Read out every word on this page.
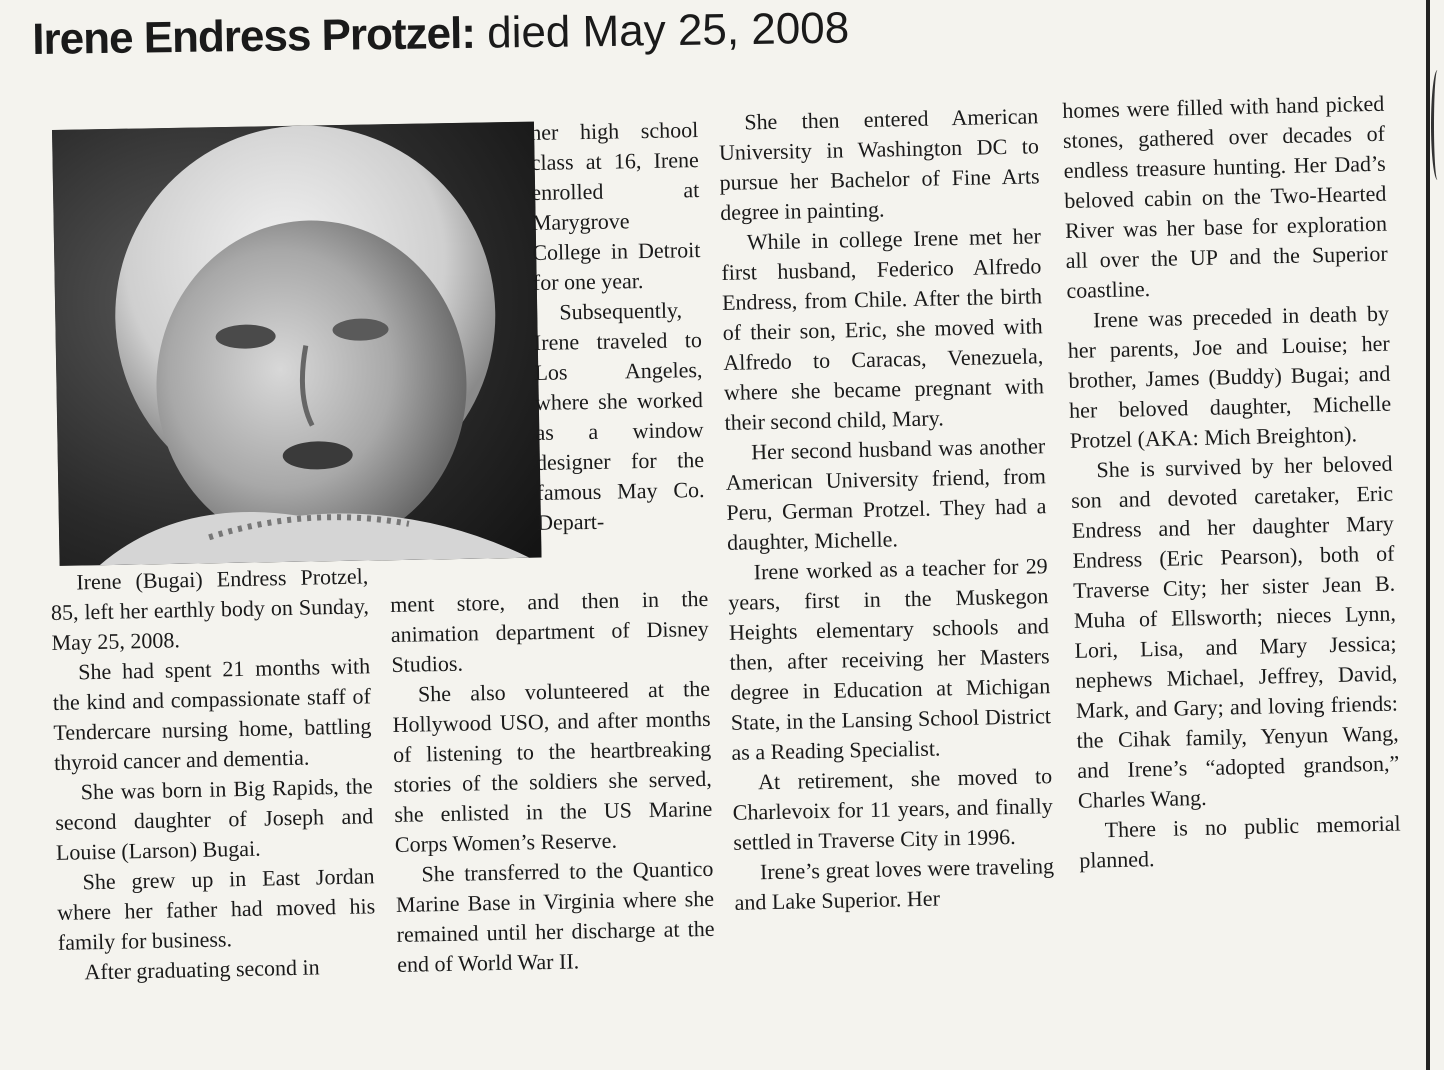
Irene Endress Protzel: died May 25, 2008

Irene (Bugai) Endress Protzel, 85, left her earthly body on Sunday, May 25, 2008.

She had spent 21 months with the kind and compassionate staff of Tendercare nursing home, battling thyroid cancer and dementia.

She was born in Big Rapids, the second daughter of Joseph and Louise (Larson) Bugai.

She grew up in East Jordan where her father had moved his family for business.

After graduating second in

her high school class at 16, Irene enrolled at Marygrove College in Detroit for one year.

Subsequently, Irene traveled to Los Angeles, where she worked as a window designer for the famous May Co. Depart-

ment store, and then in the animation department of Disney Studios.

She also volunteered at the Hollywood USO, and after months of listening to the heartbreaking stories of the soldiers she served, she enlisted in the US Marine Corps Women’s Reserve.

She transferred to the Quantico Marine Base in Virginia where she remained until her discharge at the end of World War II.

She then entered American University in Washington DC to pursue her Bachelor of Fine Arts degree in painting.

While in college Irene met her first husband, Federico Alfredo Endress, from Chile. After the birth of their son, Eric, she moved with Alfredo to Caracas, Venezuela, where she became pregnant with their second child, Mary.

Her second husband was another American University friend, from Peru, German Protzel. They had a daughter, Michelle.

Irene worked as a teacher for 29 years, first in the Muskegon Heights elementary schools and then, after receiving her Masters degree in Education at Michigan State, in the Lansing School District as a Reading Specialist.

At retirement, she moved to Charlevoix for 11 years, and finally settled in Traverse City in 1996.

Irene’s great loves were traveling and Lake Superior. Her

homes were filled with hand picked stones, gathered over decades of endless treasure hunting. Her Dad’s beloved cabin on the Two-Hearted River was her base for exploration all over the UP and the Superior coastline.

Irene was preceded in death by her parents, Joe and Louise; her brother, James (Buddy) Bugai; and her beloved daughter, Michelle Protzel (AKA: Mich Breighton).

She is survived by her beloved son and devoted caretaker, Eric Endress and her daughter Mary Endress (Eric Pearson), both of Traverse City; her sister Jean B. Muha of Ellsworth; nieces Lynn, Lori, Lisa, and Mary Jessica; nephews Michael, Jeffrey, David, Mark, and Gary; and loving friends: the Cihak family, Yenyun Wang, and Irene’s “adopted grandson,” Charles Wang.

There is no public memorial planned.
